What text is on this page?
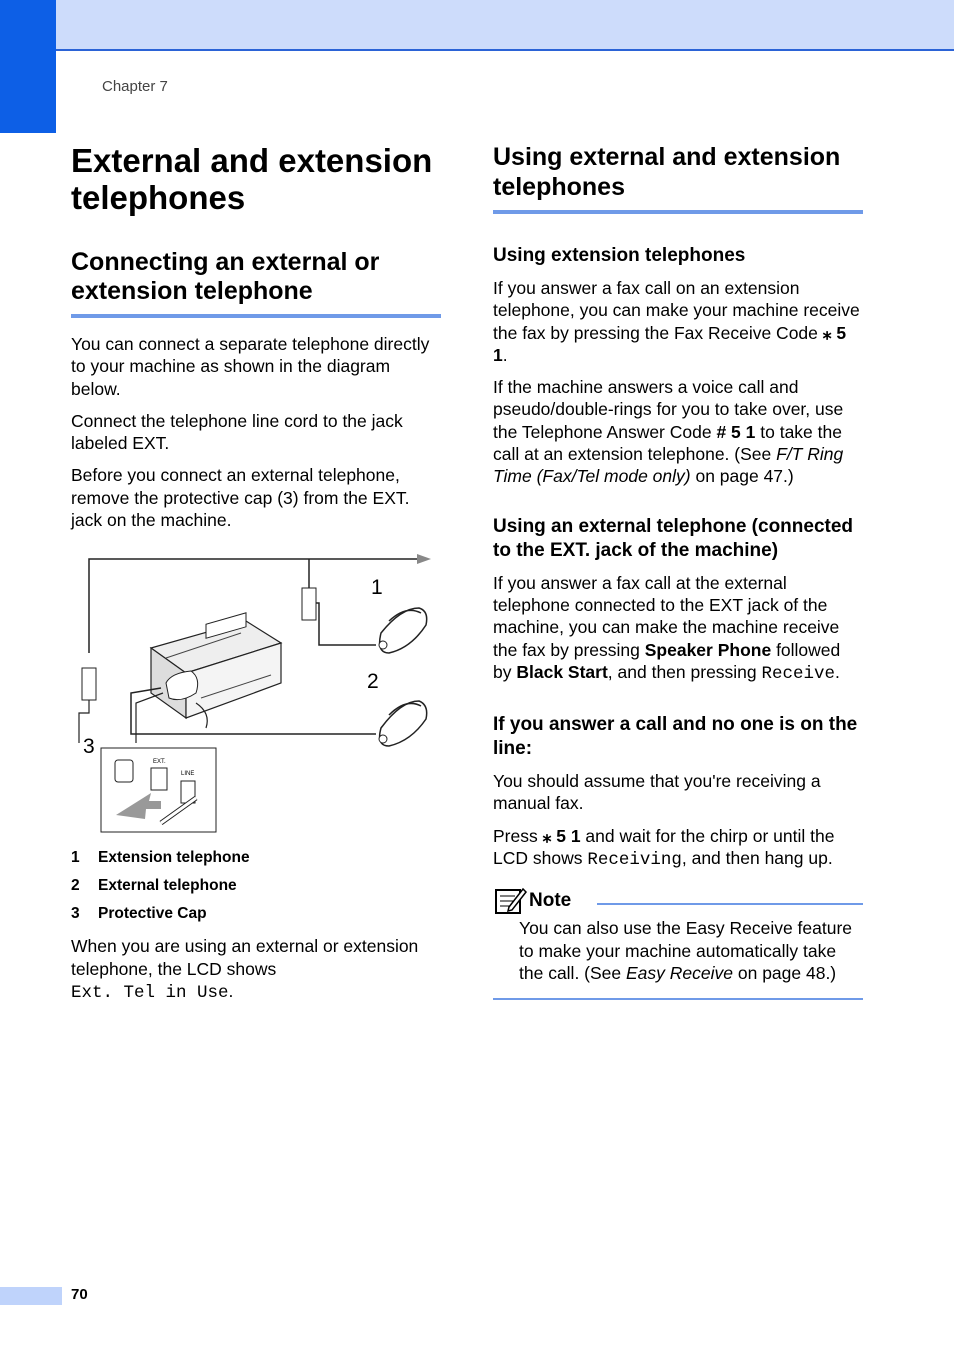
Chapter 7
External and extension telephones
Connecting an external or extension telephone

You can connect a separate telephone directly to your machine as shown in the diagram below.

Connect the telephone line cord to the jack labeled EXT.

Before you connect an external telephone, remove the protective cap (3) from the EXT. jack on the machine.

EXT.
LINE
1
2
3
1 Extension telephone
2 External telephone
3 Protective Cap

When you are using an external or extension telephone, the LCD shows
Ext. Tel in Use.

Using external and extension telephones
Using extension telephones

If you answer a fax call on an extension telephone, you can make your machine receive the fax by pressing the Fax Receive Code ⁎ 5 1.

If the machine answers a voice call and pseudo/double-rings for you to take over, use the Telephone Answer Code # 5 1 to take the call at an extension telephone. (See F/T Ring Time (Fax/Tel mode only) on page 47.)

Using an external telephone (connected to the EXT. jack of the machine)

If you answer a fax call at the external telephone connected to the EXT jack of the machine, you can make the machine receive the fax by pressing Speaker Phone followed by Black Start, and then pressing Receive.

If you answer a call and no one is on the line:

You should assume that you're receiving a manual fax.

Press ⁎ 5 1 and wait for the chirp or until the LCD shows Receiving, and then hang up.

Note

You can also use the Easy Receive feature to make your machine automatically take the call. (See Easy Receive on page 48.)

70
